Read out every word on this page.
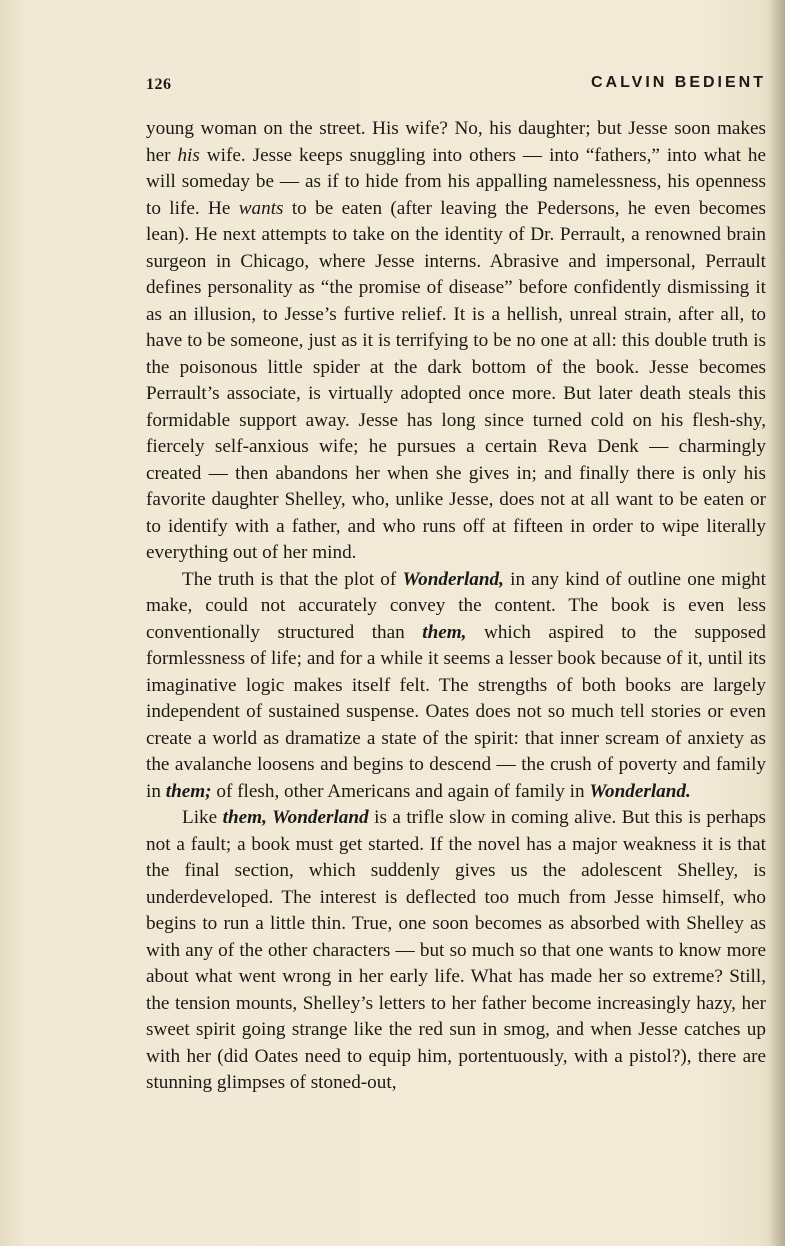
126	CALVIN BEDIENT

young woman on the street. His wife? No, his daughter; but Jesse soon makes her his wife. Jesse keeps snuggling into others — into “fathers,” into what he will someday be — as if to hide from his appalling namelessness, his openness to life. He wants to be eaten (after leaving the Pedersons, he even becomes lean). He next attempts to take on the identity of Dr. Perrault, a renowned brain surgeon in Chicago, where Jesse interns. Abrasive and impersonal, Perrault defines personality as “the promise of disease” before confidently dismissing it as an illusion, to Jesse’s furtive relief. It is a hellish, unreal strain, after all, to have to be someone, just as it is terrifying to be no one at all: this double truth is the poisonous little spider at the dark bottom of the book. Jesse becomes Perrault’s associate, is virtually adopted once more. But later death steals this formidable support away. Jesse has long since turned cold on his flesh-shy, fiercely self-anxious wife; he pursues a certain Reva Denk — charmingly created — then abandons her when she gives in; and finally there is only his favorite daughter Shelley, who, unlike Jesse, does not at all want to be eaten or to identify with a father, and who runs off at fifteen in order to wipe literally everything out of her mind.

The truth is that the plot of Wonderland, in any kind of outline one might make, could not accurately convey the content. The book is even less conventionally structured than them, which aspired to the supposed formlessness of life; and for a while it seems a lesser book because of it, until its imaginative logic makes itself felt. The strengths of both books are largely independent of sustained suspense. Oates does not so much tell stories or even create a world as dramatize a state of the spirit: that inner scream of anxiety as the avalanche loosens and begins to descend — the crush of poverty and family in them; of flesh, other Americans and again of family in Wonderland.

Like them, Wonderland is a trifle slow in coming alive. But this is perhaps not a fault; a book must get started. If the novel has a major weakness it is that the final section, which suddenly gives us the adolescent Shelley, is underdeveloped. The interest is deflected too much from Jesse himself, who begins to run a little thin. True, one soon becomes as absorbed with Shelley as with any of the other characters — but so much so that one wants to know more about what went wrong in her early life. What has made her so extreme? Still, the tension mounts, Shelley’s letters to her father become increasingly hazy, her sweet spirit going strange like the red sun in smog, and when Jesse catches up with her (did Oates need to equip him, portentuously, with a pistol?), there are stunning glimpses of stoned-out,
